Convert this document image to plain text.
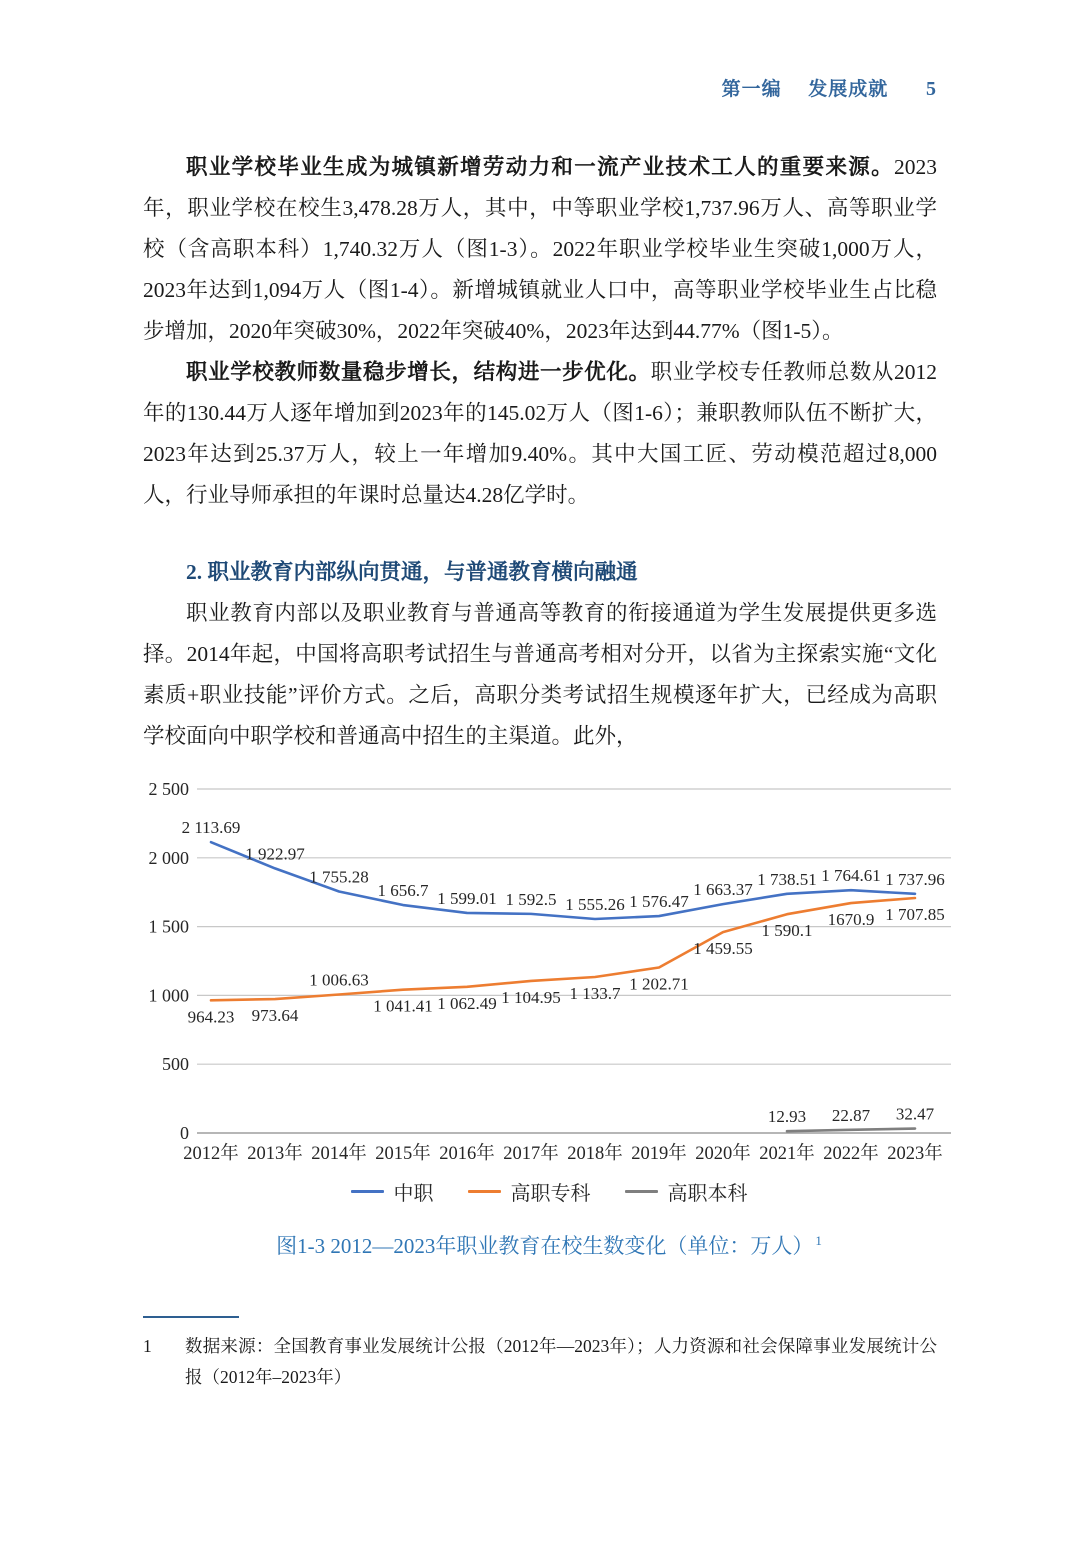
第一编 发展成就 5

职业学校毕业生成为城镇新增劳动力和一流产业技术工人的重要来源。2023年，职业学校在校生3,478.28万人，其中，中等职业学校1,737.96万人、高等职业学校（含高职本科）1,740.32万人（图1-3）。2022年职业学校毕业生突破1,000万人，2023年达到1,094万人（图1-4）。新增城镇就业人口中，高等职业学校毕业生占比稳步增加，2020年突破30%，2022年突破40%，2023年达到44.77%（图1-5）。

职业学校教师数量稳步增长，结构进一步优化。职业学校专任教师总数从2012年的130.44万人逐年增加到2023年的145.02万人（图1-6）；兼职教师队伍不断扩大，2023年达到25.37万人，较上一年增加9.40%。其中大国工匠、劳动模范超过8,000人，行业导师承担的年课时总量达4.28亿学时。

2. 职业教育内部纵向贯通，与普通教育横向融通

职业教育内部以及职业教育与普通高等教育的衔接通道为学生发展提供更多选择。2014年起，中国将高职考试招生与普通高考相对分开，以省为主探索实施“文化素质+职业技能”评价方式。之后，高职分类考试招生规模逐年扩大，已经成为高职学校面向中职学校和普通高中招生的主渠道。此外，

2 500
2 000
1 500
1 000
500
0
2012年 2013年 2014年 2015年 2016年 2017年 2018年 2019年 2020年 2021年 2022年 2023年
2 113.69
1 922.97
1 755.28
1 656.7 1 599.01 1 592.5 1 555.26 1 576.47
1 663.37
1 738.51 1 764.61 1 737.96
964.23 973.64
1 006.63
1 041.41 1 062.49 1 104.95 1 133.7 1 202.71
1 459.55
1 590.1
1670.9 1 707.85
12.93 22.87 32.47
中职	高职专科	高职本科
图1-3 2012—2023年职业教育在校生数变化（单位：万人） $^1$
1	数据来源：全国教育事业发展统计公报（2012年—2023年）；人力资源和社会保障事业发展统计公报（2012年–2023年）
